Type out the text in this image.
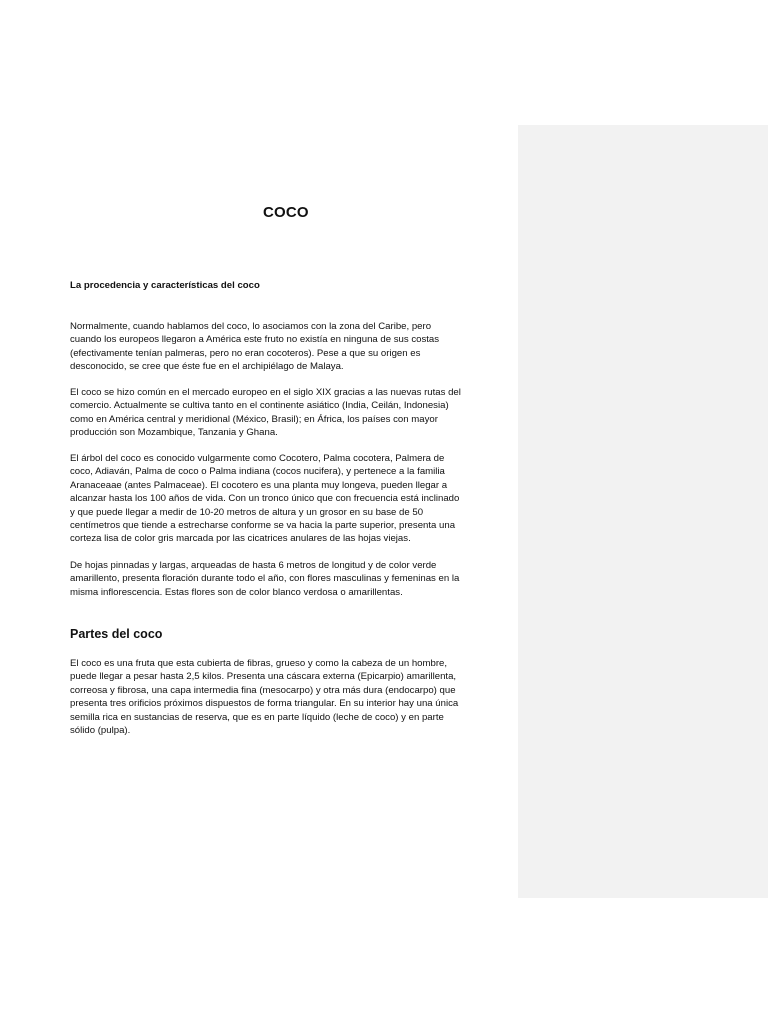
COCO
La procedencia y características del coco

Normalmente, cuando hablamos del coco, lo asociamos con la zona del Caribe, pero
cuando los europeos llegaron a América este fruto no existía en ninguna de sus costas
(efectivamente tenían palmeras, pero no eran cocoteros). Pese a que su origen es
desconocido, se cree que éste fue en el archipiélago de Malaya.

El coco se hizo común en el mercado europeo en el siglo XIX gracias a las nuevas rutas del
comercio. Actualmente se cultiva tanto en el continente asiático (India, Ceilán, Indonesia)
como en América central y meridional (México, Brasil); en África, los países con mayor
producción son Mozambique, Tanzania y Ghana.

El árbol del coco es conocido vulgarmente como Cocotero, Palma cocotera, Palmera de
coco, Adiaván, Palma de coco o Palma indiana (cocos nucifera), y pertenece a la familia
Aranaceaae (antes Palmaceae). El cocotero es una planta muy longeva, pueden llegar a
alcanzar hasta los 100 años de vida. Con un tronco único que con frecuencia está inclinado
y que puede llegar a medir de 10-20 metros de altura y un grosor en su base de 50
centímetros que tiende a estrecharse conforme se va hacia la parte superior, presenta una
corteza lisa de color gris marcada por las cicatrices anulares de las hojas viejas.

De hojas pinnadas y largas, arqueadas de hasta 6 metros de longitud y de color verde
amarillento, presenta floración durante todo el año, con flores masculinas y femeninas en la
misma inflorescencia. Estas flores son de color blanco verdosa o amarillentas.

Partes del coco

El coco es una fruta que esta cubierta de fibras, grueso y como la cabeza de un hombre,
puede llegar a pesar hasta 2,5 kilos. Presenta una cáscara externa (Epicarpio) amarillenta,
correosa y fibrosa, una capa intermedia fina (mesocarpo) y otra más dura (endocarpo) que
presenta tres orificios próximos dispuestos de forma triangular. En su interior hay una única
semilla rica en sustancias de reserva, que es en parte líquido (leche de coco) y en parte
sólido (pulpa).
